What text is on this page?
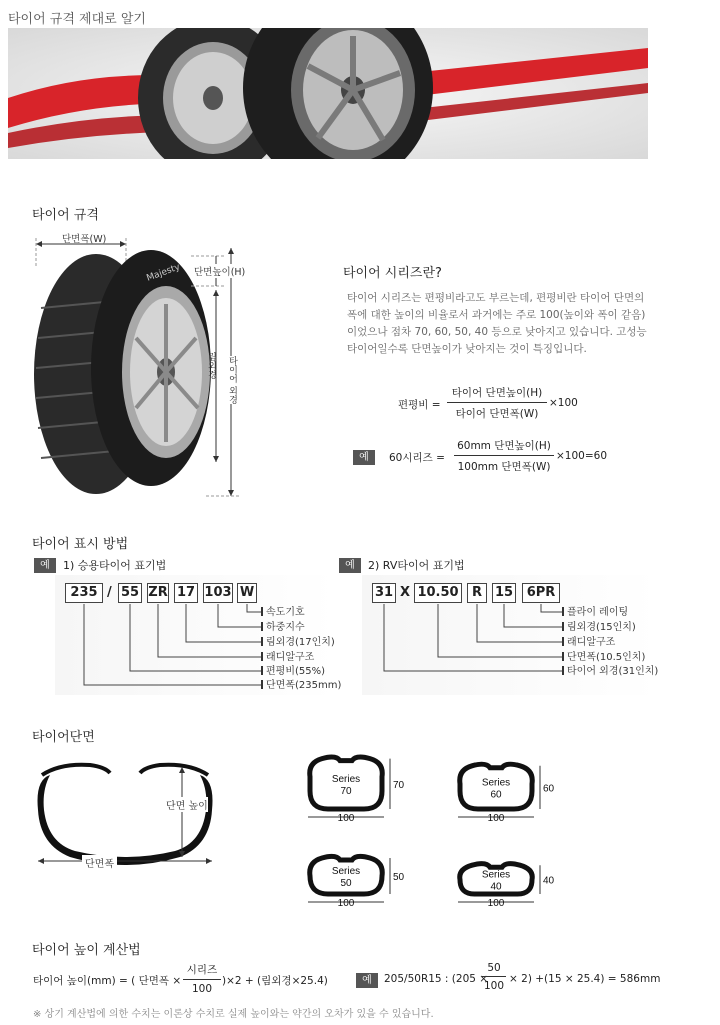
타이어 규격 제대로 알기
타이어 규격
단면폭(W)
단면높이(H)
림외경 타이어 외경
Majesty	타이어 시리즈란?
타이어 시리즈는 편평비라고도 부르는데, 편평비란 타이어 단면의 폭에 대한 높이의 비율로서 과거에는 주로 100(높이와 폭이 같음)이었으나 점차 70, 60, 50, 40 등으로 낮아지고 있습니다. 고성능 타이어일수록 단면높이가 낮아지는 것이 특징입니다.
편평비 =
타이어 단면높이(H)
타이어 단면폭(W)
×100
예	60시리즈 =
60mm 단면높이(H)
100mm 단면폭(W)
×100=60
타이어 표시 방법
예	1) 승용타이어 표기법
235 / 55 ZR 17 103 W
속도기호
하중지수
림외경(17인치)
래디알구조
편평비(55%)
단면폭(235mm)
예	2) RV타이어 표기법
31 X 10.50	R 15	6PR
플라이 레이팅
림외경(15인치)
래디알구조
단면폭(10.5인치)
타이어 외경(31인치)
타이어단면
단면 높이
단면폭
Series
70
70
100
Series
60
60
100
Series
50
50
100
Series
40
40
100
타이어 높이 계산법
타이어 높이(mm) = ( 단면폭 ×
시리즈
100
)×2 + (림외경×25.4)	예	205/50R15 : (205 ×
$\frac{50}{100} \times 2) +(15 \times 25.4) = 586mm$
※ 상기 계산법에 의한 수치는 이론상 수치로 실제 높이와는 약간의 오차가 있을 수 있습니다.
